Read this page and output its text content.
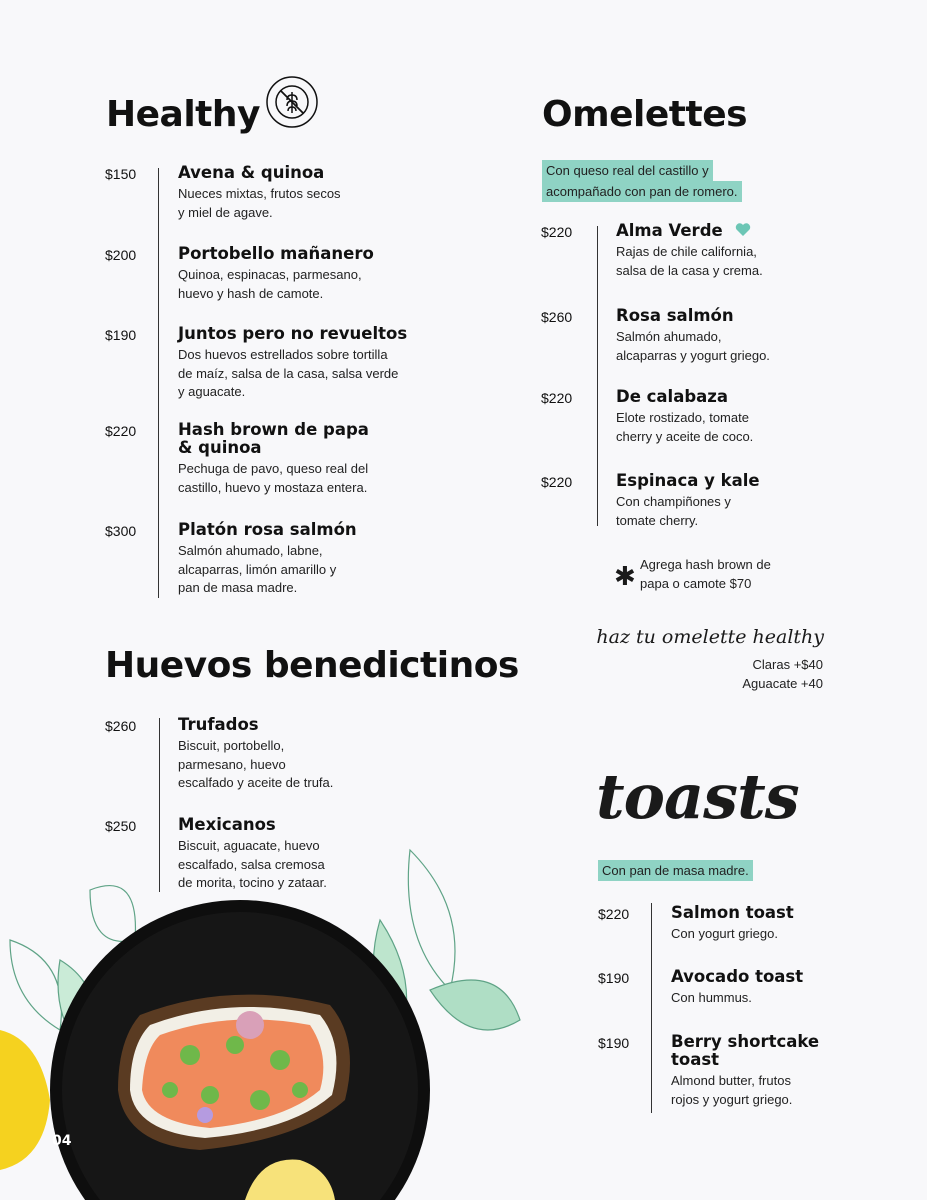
Healthy
$150	Avena & quinoa

Nueces mixtas, frutos secos
y miel de agave.

$200	Portobello mañanero

Quinoa, espinacas, parmesano,
huevo y hash de camote.

$190	Juntos pero no revueltos

Dos huevos estrellados sobre tortilla
de maíz, salsa de la casa, salsa verde
y aguacate.

$220	Hash brown de papa
& quinoa

Pechuga de pavo, queso real del
castillo, huevo y mostaza entera.

$300	Platón rosa salmón

Salmón ahumado, labne,
alcaparras, limón amarillo y
pan de masa madre.

Omelettes
Con queso real del castillo y
acompañado con pan de romero.
$220	Alma Verde

Rajas de chile california,
salsa de la casa y crema.

$260	Rosa salmón

Salmón ahumado,
alcaparras y yogurt griego.

$220	De calabaza

Elote rostizado, tomate
cherry y aceite de coco.

$220	Espinaca y kale

Con champiñones y
tomate cherry.

✱ Agrega hash brown de
papa o camote $70

haz tu omelette healthy
Claras +$40
Aguacate +40
Huevos benedictinos
$260	Trufados

Biscuit, portobello,
parmesano, huevo
escalfado y aceite de trufa.

$250	Mexicanos

Biscuit, aguacate, huevo
escalfado, salsa cremosa
de morita, tocino y zataar.

toasts
Con pan de masa madre.
$220	Salmon toast

Con yogurt griego.

$190	Avocado toast

Con hummus.

$190	Berry shortcake
toast

Almond butter, frutos
rojos y yogurt griego.

04
